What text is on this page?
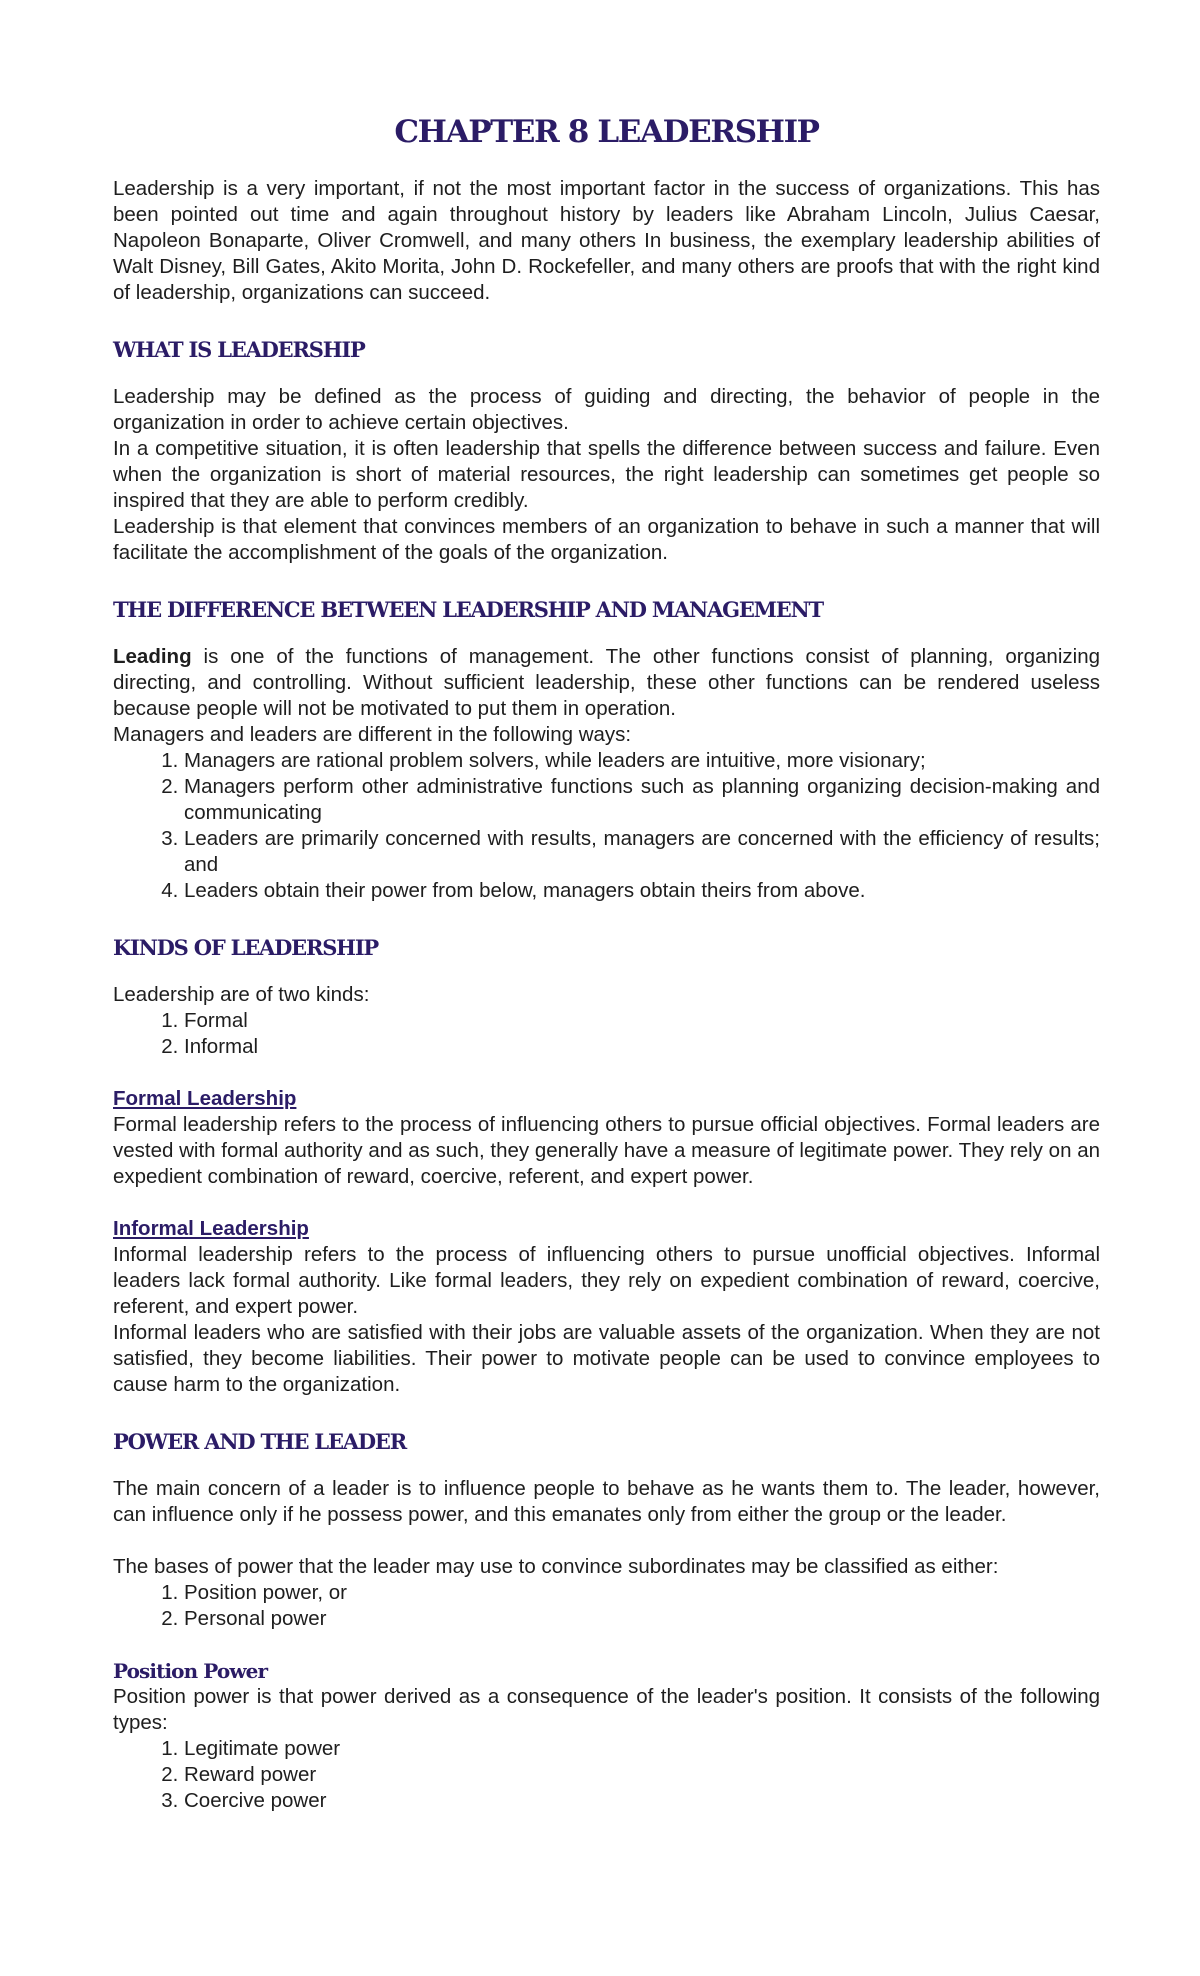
CHAPTER 8 LEADERSHIP

Leadership is a very important, if not the most important factor in the success of organizations. This has been pointed out time and again throughout history by leaders like Abraham Lincoln, Julius Caesar, Napoleon Bonaparte, Oliver Cromwell, and many others In business, the exemplary leadership abilities of Walt Disney, Bill Gates, Akito Morita, John D. Rockefeller, and many others are proofs that with the right kind of leadership, organizations can succeed.

WHAT IS LEADERSHIP

Leadership may be defined as the process of guiding and directing, the behavior of people in the organization in order to achieve certain objectives.

In a competitive situation, it is often leadership that spells the difference between success and failure. Even when the organization is short of material resources, the right leadership can sometimes get people so inspired that they are able to perform credibly.

Leadership is that element that convinces members of an organization to behave in such a manner that will facilitate the accomplishment of the goals of the organization.

THE DIFFERENCE BETWEEN LEADERSHIP AND MANAGEMENT

Leading is one of the functions of management. The other functions consist of planning, organizing directing, and controlling. Without sufficient leadership, these other functions can be rendered useless because people will not be motivated to put them in operation.

Managers and leaders are different in the following ways:

1. Managers are rational problem solvers, while leaders are intuitive, more visionary;
2. Managers perform other administrative functions such as planning organizing decision-making and communicating
3. Leaders are primarily concerned with results, managers are concerned with the efficiency of results; and
4. Leaders obtain their power from below, managers obtain theirs from above.
KINDS OF LEADERSHIP

Leadership are of two kinds:

1. Formal
2. Informal
Formal Leadership

Formal leadership refers to the process of influencing others to pursue official objectives. Formal leaders are vested with formal authority and as such, they generally have a measure of legitimate power. They rely on an expedient combination of reward, coercive, referent, and expert power.

Informal Leadership

Informal leadership refers to the process of influencing others to pursue unofficial objectives. Informal leaders lack formal authority. Like formal leaders, they rely on expedient combination of reward, coercive, referent, and expert power.

Informal leaders who are satisfied with their jobs are valuable assets of the organization. When they are not satisfied, they become liabilities. Their power to motivate people can be used to convince employees to cause harm to the organization.

POWER AND THE LEADER

The main concern of a leader is to influence people to behave as he wants them to. The leader, however, can influence only if he possess power, and this emanates only from either the group or the leader.

The bases of power that the leader may use to convince subordinates may be classified as either:

1. Position power, or
2. Personal power
Position Power

Position power is that power derived as a consequence of the leader's position. It consists of the following types:

1. Legitimate power
2. Reward power
3. Coercive power
